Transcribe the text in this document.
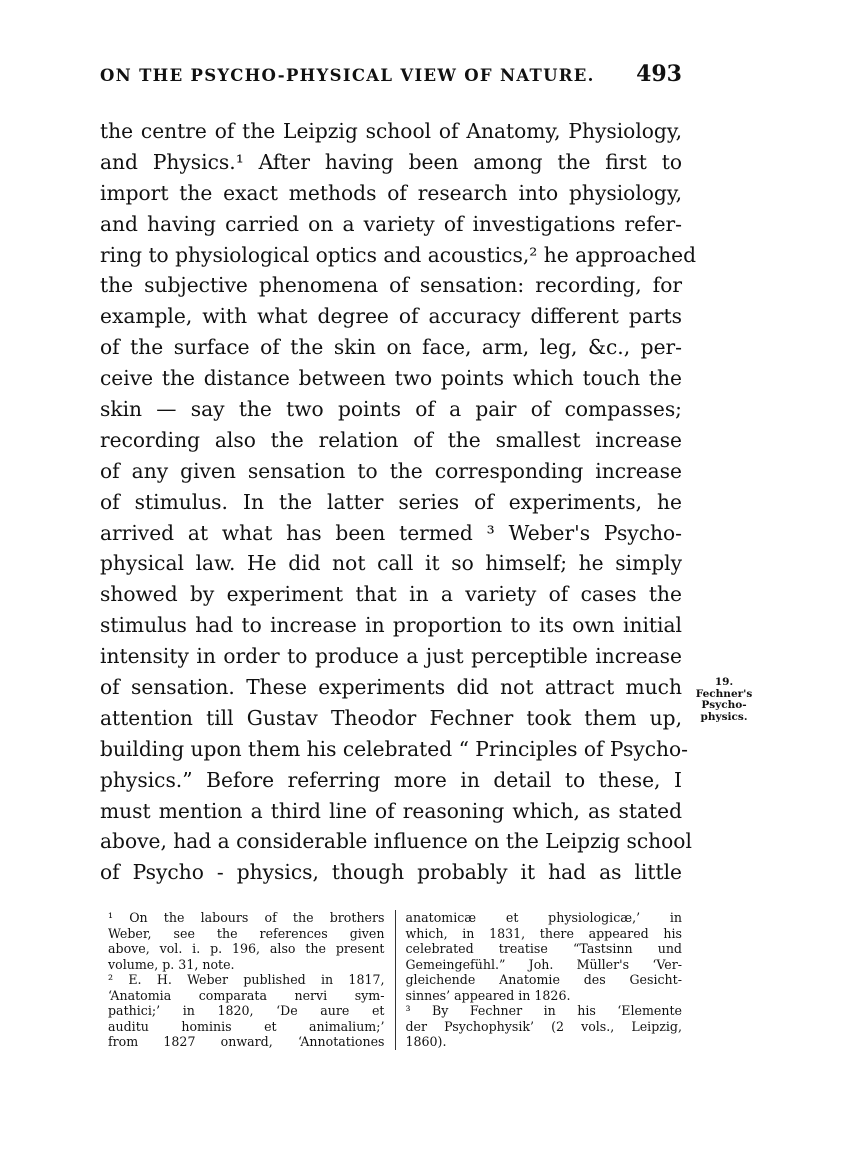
ON THE PSYCHO-PHYSICAL VIEW OF NATURE. 493
the centre of the Leipzig school of Anatomy, Physiology,
and Physics.¹ After having been among the first to
import the exact methods of research into physiology,
and having carried on a variety of investigations refer-
ring to physiological optics and acoustics,² he approached
the subjective phenomena of sensation: recording, for
example, with what degree of accuracy different parts
of the surface of the skin on face, arm, leg, &c., per-
ceive the distance between two points which touch the
skin — say the two points of a pair of compasses;
recording also the relation of the smallest increase
of any given sensation to the corresponding increase
of stimulus. In the latter series of experiments, he
arrived at what has been termed ³ Weber's Psycho-
physical law. He did not call it so himself; he simply
showed by experiment that in a variety of cases the
stimulus had to increase in proportion to its own initial
intensity in order to produce a just perceptible increase
of sensation. These experiments did not attract much
attention till Gustav Theodor Fechner took them up,
building upon them his celebrated “ Principles of Psycho-
physics.” Before referring more in detail to these, I
must mention a third line of reasoning which, as stated
above, had a considerable influence on the Leipzig school
of Psycho - physics, though probably it had as little
19.
Fechner's
Psycho-
physics.
¹ On the labours of the brothers
Weber, see the references given
above, vol. i. p. 196, also the present
volume, p. 31, note.
² E. H. Weber published in 1817,
‘Anatomia comparata nervi sym-
pathici;’ in 1820, ‘De aure et
auditu hominis et animalium;’
from 1827 onward, ‘Annotationes
anatomicæ et physiologicæ,’ in
which, in 1831, there appeared his
celebrated treatise “Tastsinn und
Gemeingefühl.” Joh. Müller's ‘Ver-
gleichende Anatomie des Gesicht-
sinnes’ appeared in 1826.
³ By Fechner in his ‘Elemente
der Psychophysik’ (2 vols., Leipzig,
1860).
